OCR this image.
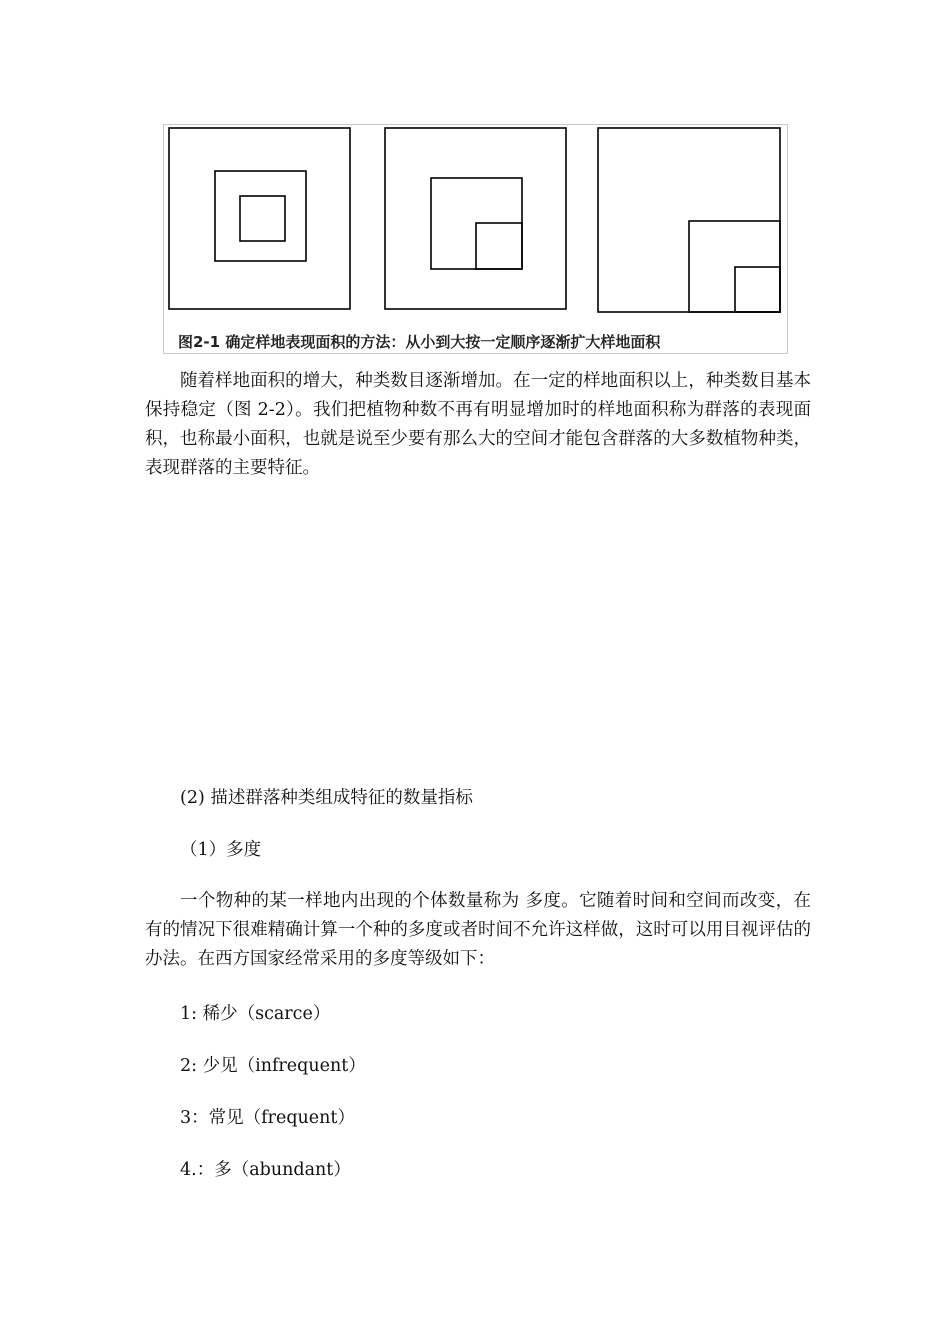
图2-1 确定样地表现面积的方法：从小到大按一定顺序逐渐扩大样地面积

随着样地面积的增大，种类数目逐渐增加。在一定的样地面积以上，种类数目基本保持稳定（图 2-2）。我们把植物种数不再有明显增加时的样地面积称为群落的表现面积，也称最小面积，也就是说至少要有那么大的空间才能包含群落的大多数植物种类，表现群落的主要特征。

(2) 描述群落种类组成特征的数量指标

（1）多度

一个物种的某一样地内出现的个体数量称为 多度。它随着时间和空间而改变，在有的情况下很难精确计算一个种的多度或者时间不允许这样做，这时可以用目视评估的办法。在西方国家经常采用的多度等级如下：

1: 稀少（scarce）

2: 少见（infrequent）

3：常见（frequent）

4.：多（abundant）
